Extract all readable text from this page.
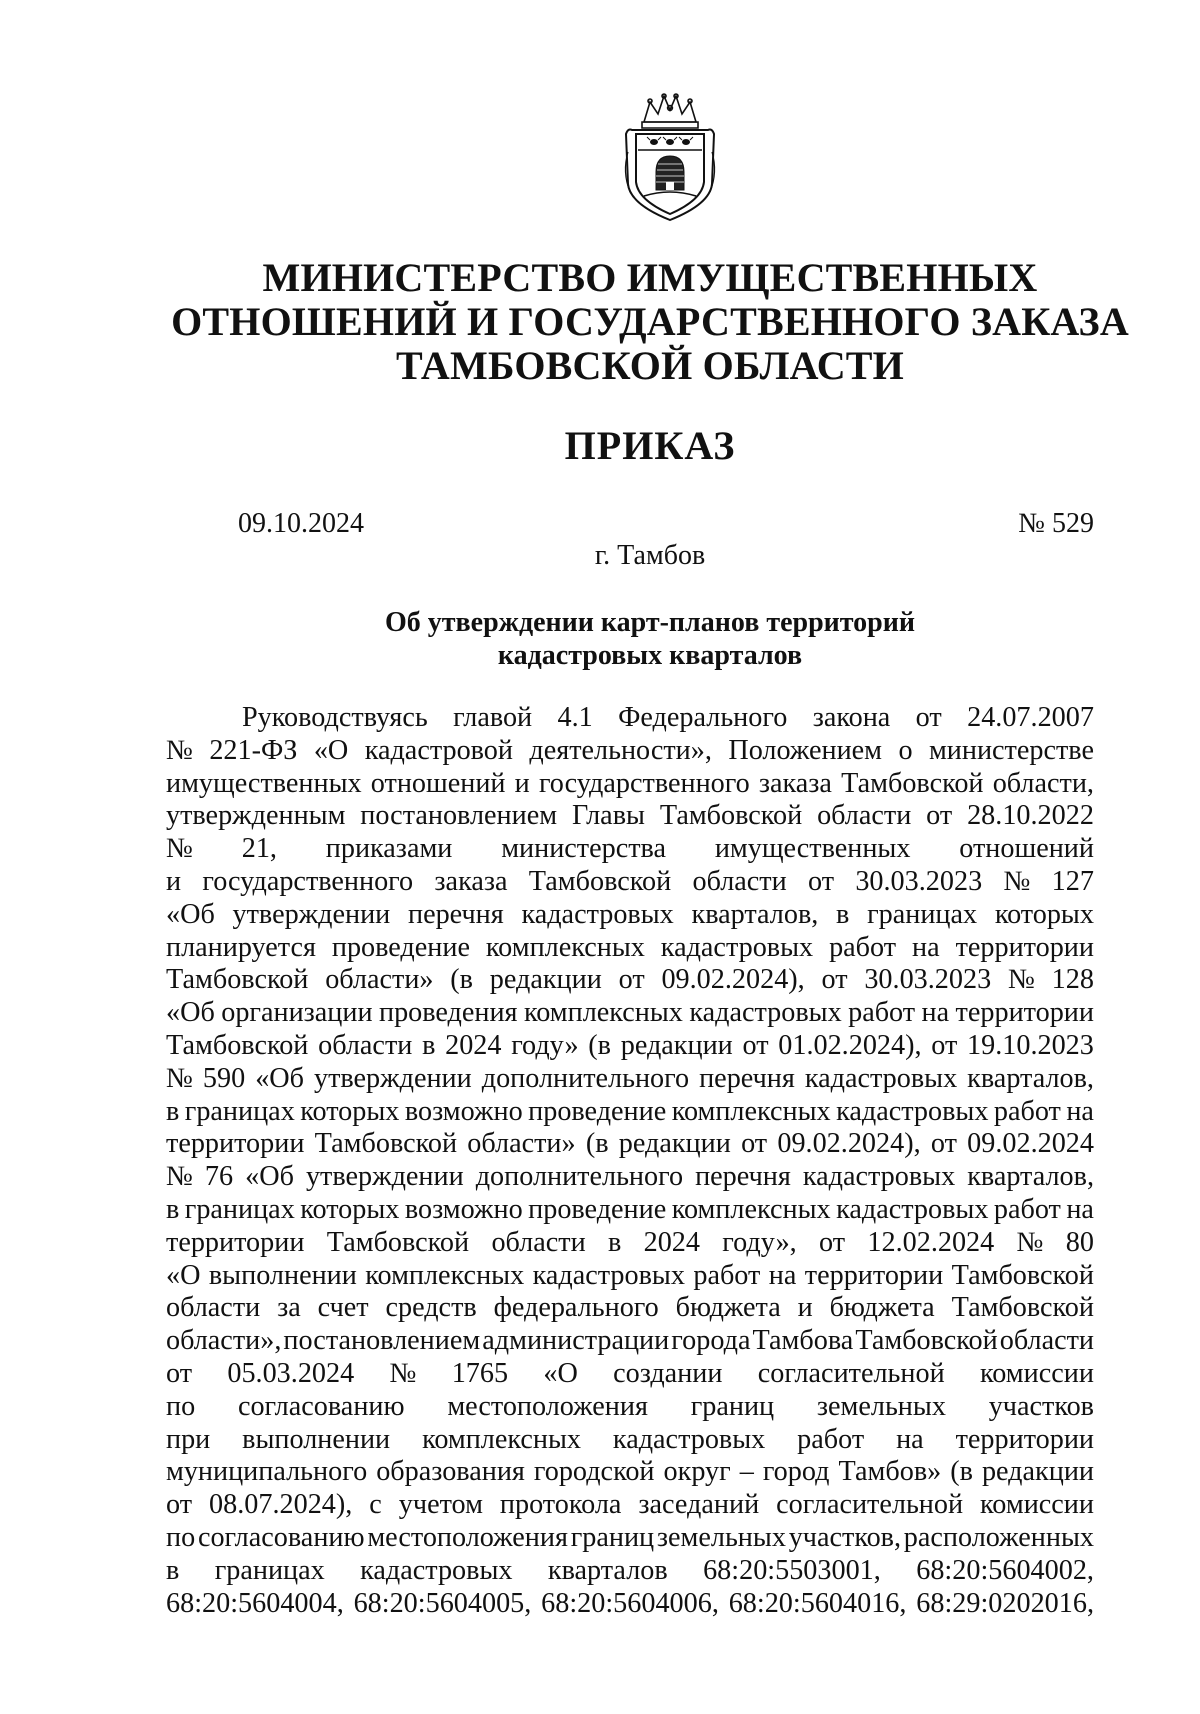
МИНИСТЕРСТВО ИМУЩЕСТВЕННЫХ
ОТНОШЕНИЙ И ГОСУДАРСТВЕННОГО ЗАКАЗА
ТАМБОВСКОЙ ОБЛАСТИ
ПРИКАЗ
09.10.2024	№ 529
г. Тамбов
Об утверждении карт-планов территорий
кадастровых кварталов
Руководствуясь главой 4.1 Федерального закона от 24.07.2007
№ 221-ФЗ «О кадастровой деятельности», Положением о министерстве
имущественных отношений и государственного заказа Тамбовской области,
утвержденным постановлением Главы Тамбовской области от 28.10.2022
№ 21, приказами министерства имущественных отношений
и государственного заказа Тамбовской области от 30.03.2023 № 127
«Об утверждении перечня кадастровых кварталов, в границах которых
планируется проведение комплексных кадастровых работ на территории
Тамбовской области» (в редакции от 09.02.2024), от 30.03.2023 № 128
«Об организации проведения комплексных кадастровых работ на территории
Тамбовской области в 2024 году» (в редакции от 01.02.2024), от 19.10.2023
№ 590 «Об утверждении дополнительного перечня кадастровых кварталов,
в границах которых возможно проведение комплексных кадастровых работ на
территории Тамбовской области» (в редакции от 09.02.2024), от 09.02.2024
№ 76 «Об утверждении дополнительного перечня кадастровых кварталов,
в границах которых возможно проведение комплексных кадастровых работ на
территории Тамбовской области в 2024 году», от 12.02.2024 № 80
«О выполнении комплексных кадастровых работ на территории Тамбовской
области за счет средств федерального бюджета и бюджета Тамбовской
области», постановлением администрации города Тамбова Тамбовской области
от 05.03.2024 № 1765 «О создании согласительной комиссии
по согласованию местоположения границ земельных участков
при выполнении комплексных кадастровых работ на территории
муниципального образования городской округ – город Тамбов» (в редакции
от 08.07.2024), с учетом протокола заседаний согласительной комиссии
по согласованию местоположения границ земельных участков, расположенных
в границах кадастровых кварталов 68:20:5503001, 68:20:5604002,
68:20:5604004, 68:20:5604005, 68:20:5604006, 68:20:5604016, 68:29:0202016,
